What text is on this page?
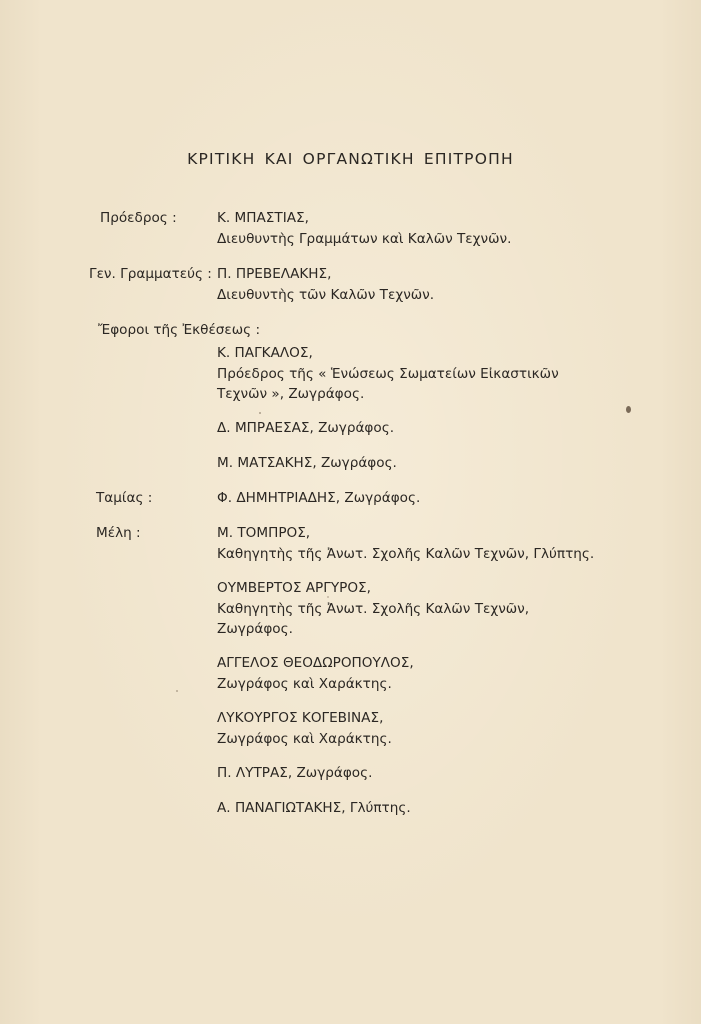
ΚΡΙΤΙΚΗ ΚΑΙ ΟΡΓΑΝΩΤΙΚΗ ΕΠΙΤΡΟΠΗ
Πρόεδρος :	Κ. ΜΠΑΣΤΙΑΣ,
Διευθυντὴς Γραμμάτων καὶ Καλῶν Τεχνῶν.
Γεν. Γραμματεύς : Π. ΠΡΕΒΕΛΑΚΗΣ,
Διευθυντὴς τῶν Καλῶν Τεχνῶν.
Ἔφοροι τῆς Ἐκθέσεως :
Κ. ΠΑΓΚΑΛΟΣ,
Πρόεδρος τῆς « Ἑνώσεως Σωματείων Εἰκαστικῶν
Τεχνῶν », Ζωγράφος.
Δ. ΜΠΡΑΕΣΑΣ, Ζωγράφος.
Μ. ΜΑΤΣΑΚΗΣ, Ζωγράφος.
Ταμίας :	Φ. ΔΗΜΗΤΡΙΑΔΗΣ, Ζωγράφος.
Μέλη :	Μ. ΤΟΜΠΡΟΣ,
Καθηγητὴς τῆς Ἀνωτ. Σχολῆς Καλῶν Τεχνῶν, Γλύπτης.
ΟΥΜΒΕΡΤΟΣ ΑΡΓΥΡΟΣ,
Καθηγητὴς τῆς Ἀνωτ. Σχολῆς Καλῶν Τεχνῶν,
Ζωγράφος.
ΑΓΓΕΛΟΣ ΘΕΟΔΩΡΟΠΟΥΛΟΣ,
Ζωγράφος καὶ Χαράκτης.
ΛΥΚΟΥΡΓΟΣ ΚΟΓΕΒΙΝΑΣ,
Ζωγράφος καὶ Χαράκτης.
Π. ΛΥΤΡΑΣ, Ζωγράφος.
Α. ΠΑΝΑΓΙΩΤΑΚΗΣ, Γλύπτης.
